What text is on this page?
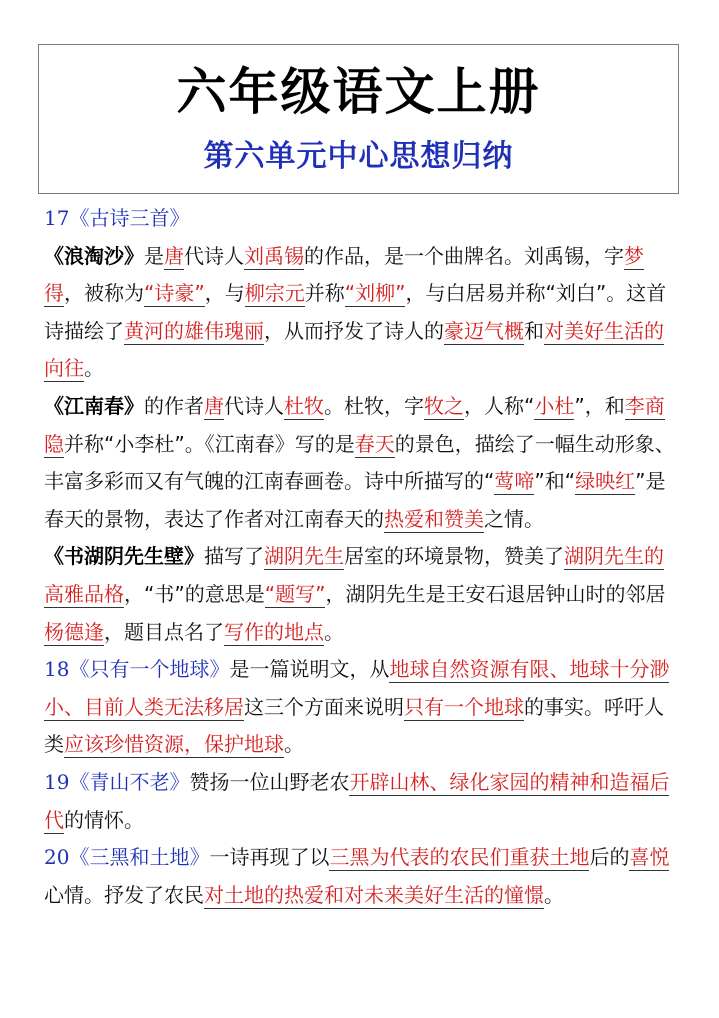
六年级语文上册
第六单元中心思想归纳
17《古诗三首》

《浪淘沙》是唐代诗人刘禹锡的作品，是一个曲牌名。刘禹锡，字梦得，被称为“诗豪”，与柳宗元并称“刘柳”，与白居易并称“刘白”。这首诗描绘了黄河的雄伟瑰丽，从而抒发了诗人的豪迈气概和对美好生活的向往。

《江南春》的作者唐代诗人杜牧。杜牧，字牧之，人称“小杜”，和李商隐并称“小李杜”。《江南春》写的是春天的景色，描绘了一幅生动形象、丰富多彩而又有气魄的江南春画卷。诗中所描写的“莺啼”和“绿映红”是春天的景物，表达了作者对江南春天的热爱和赞美之情。

《书湖阴先生壁》描写了湖阴先生居室的环境景物，赞美了湖阴先生的高雅品格，“书”的意思是“题写”，湖阴先生是王安石退居钟山时的邻居杨德逢，题目点名了写作的地点。

18《只有一个地球》是一篇说明文，从地球自然资源有限、地球十分渺小、目前人类无法移居这三个方面来说明只有一个地球的事实。呼吁人类应该珍惜资源，保护地球。

19《青山不老》赞扬一位山野老农开辟山林、绿化家园的精神和造福后代的情怀。

20《三黑和土地》一诗再现了以三黑为代表的农民们重获土地后的喜悦心情。抒发了农民对土地的热爱和对未来美好生活的憧憬。
